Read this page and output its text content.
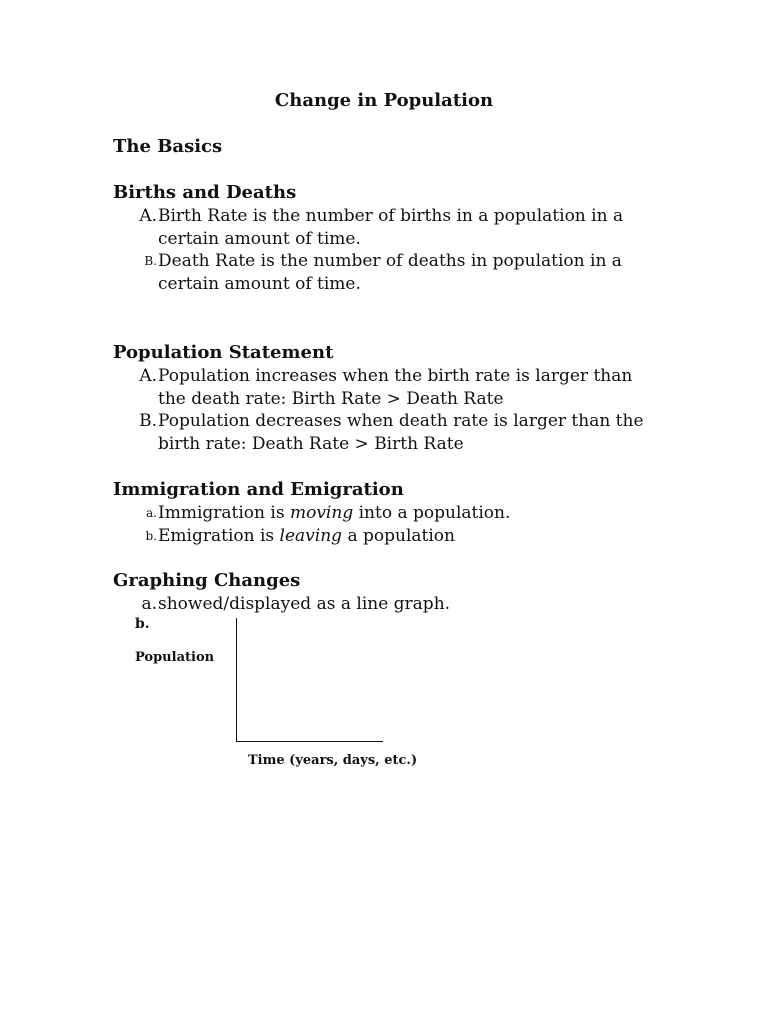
Change in Population
The Basics
Births and Deaths
A.Birth Rate is the number of births in a population in a certain amount of time.
B.Death Rate is the number of deaths in population in a certain amount of time.
Population Statement
A.Population increases when the birth rate is larger than the death rate: Birth Rate > Death Rate
B.Population decreases when death rate is larger than the birth rate: Death Rate > Birth Rate
Immigration and Emigration
a.Immigration is moving into a population.
b.Emigration is leaving a population
Graphing Changes
a.showed/displayed as a line graph.
b.
Population
Time (years, days, etc.)
